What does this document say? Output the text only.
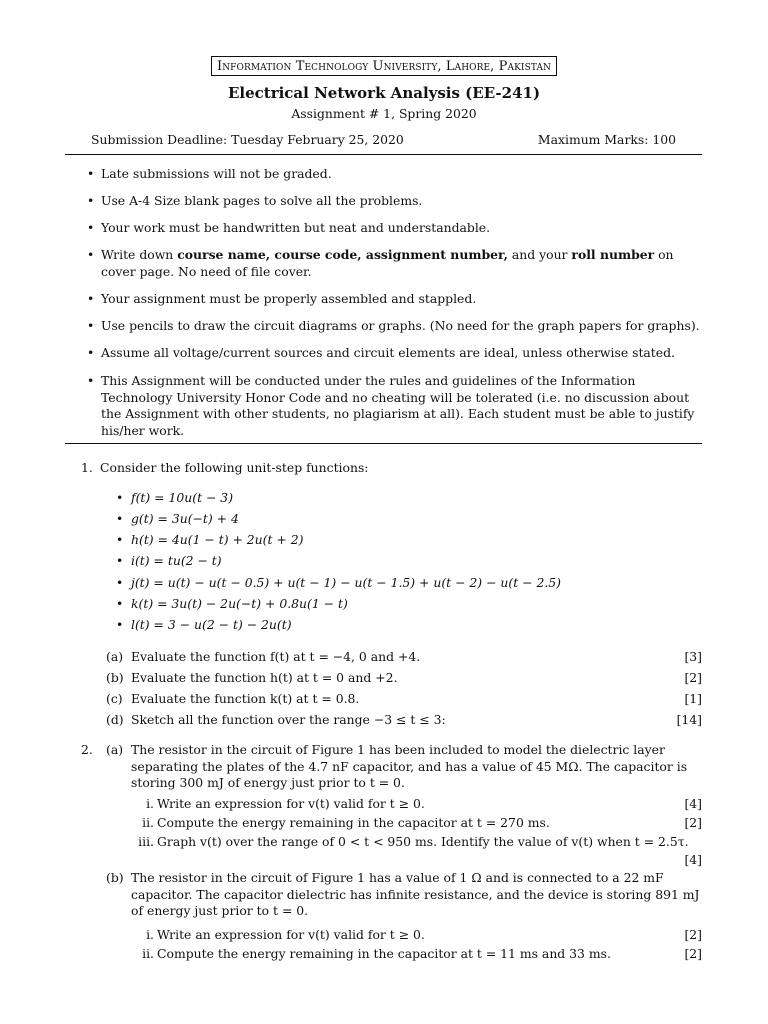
Information Technology University, Lahore, Pakistan
Electrical Network Analysis (EE-241)
Assignment # 1, Spring 2020
Submission Deadline: Tuesday February 25, 2020	Maximum Marks: 100
• Late submissions will not be graded.
• Use A-4 Size blank pages to solve all the problems.
• Your work must be handwritten but neat and understandable.
• Write down course name, course code, assignment number, and your roll number on cover page. No need of file cover.
• Your assignment must be properly assembled and stappled.
• Use pencils to draw the circuit diagrams or graphs. (No need for the graph papers for graphs).
• Assume all voltage/current sources and circuit elements are ideal, unless otherwise stated.
• This Assignment will be conducted under the rules and guidelines of the Information Technology University Honor Code and no cheating will be tolerated (i.e. no discussion about the Assignment with other students, no plagiarism at all). Each student must be able to justify his/her work.
1. Consider the following unit-step functions:
• f(t) = 10u(t − 3)
• g(t) = 3u(−t) + 4
• h(t) = 4u(1 − t) + 2u(t + 2)
• i(t) = tu(2 − t)
• j(t) = u(t) − u(t − 0.5) + u(t − 1) − u(t − 1.5) + u(t − 2) − u(t − 2.5)
• k(t) = 3u(t) − 2u(−t) + 0.8u(1 − t)
• l(t) = 3 − u(2 − t) − 2u(t)
(a) Evaluate the function f(t) at t = −4, 0 and +4.	[3]
(b) Evaluate the function h(t) at t = 0 and +2.	[2]
(c) Evaluate the function k(t) at t = 0.8.	[1]
(d) Sketch all the function over the range −3 ≤ t ≤ 3:	[14]
2. (a) The resistor in the circuit of Figure 1 has been included to model the dielectric layer separating the plates of the 4.7 nF capacitor, and has a value of 45 MΩ. The capacitor is storing 300 mJ of energy just prior to t = 0.
i. Write an expression for v(t) valid for t ≥ 0.	[4]
ii. Compute the energy remaining in the capacitor at t = 270 ms.	[2]
iii. Graph v(t) over the range of 0 < t < 950 ms. Identify the value of v(t) when t = 2.5τ.
[4]
(b) The resistor in the circuit of Figure 1 has a value of 1 Ω and is connected to a 22 mF capacitor. The capacitor dielectric has infinite resistance, and the device is storing 891 mJ of energy just prior to t = 0.
i. Write an expression for v(t) valid for t ≥ 0.	[2]
ii. Compute the energy remaining in the capacitor at t = 11 ms and 33 ms.	[2]
